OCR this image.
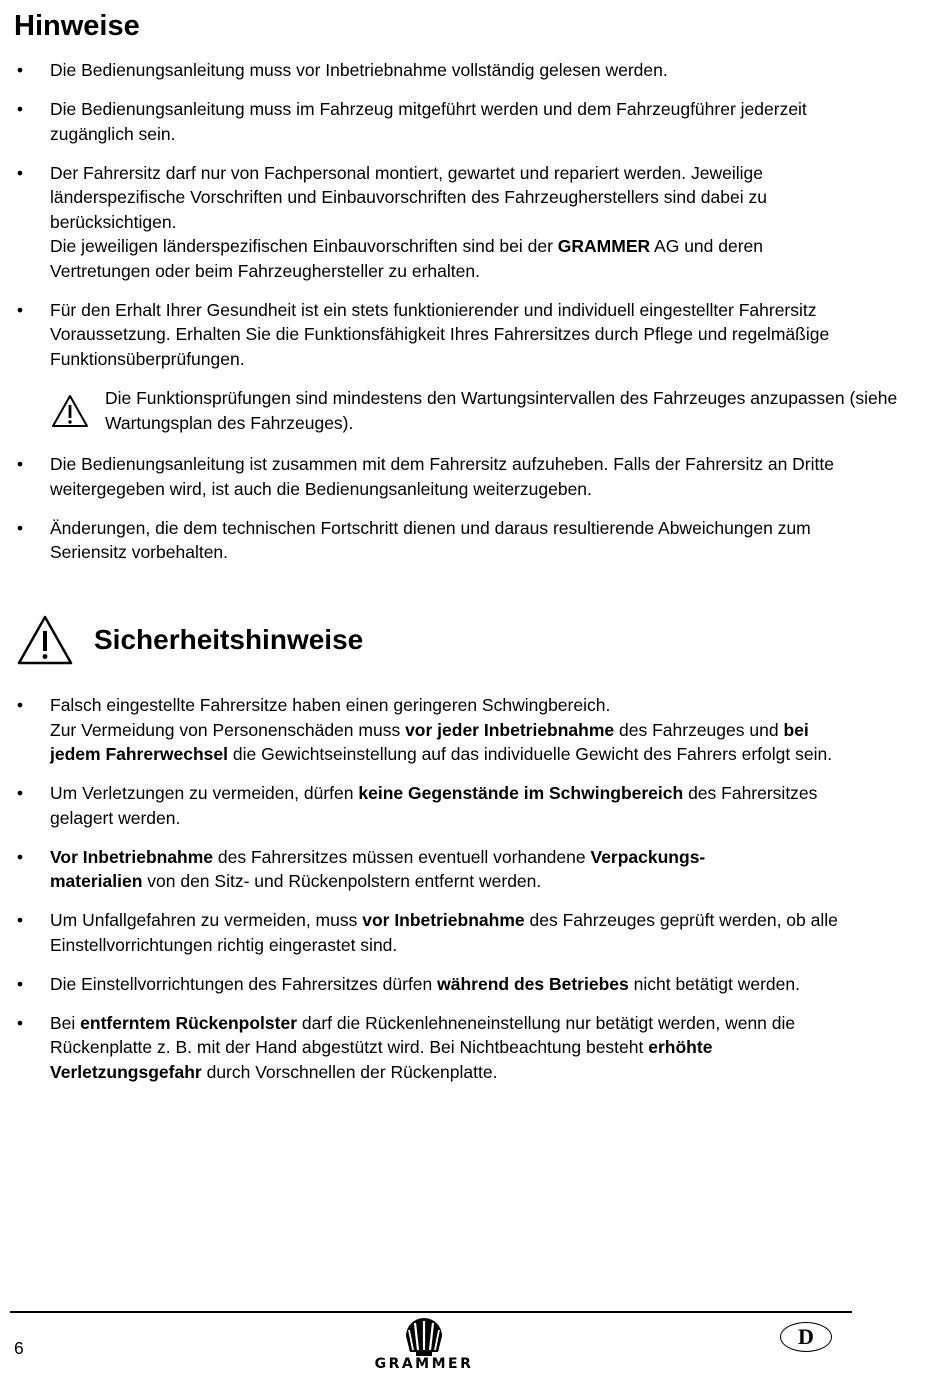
Hinweise
• Die Bedienungsanleitung muss vor Inbetriebnahme vollständig gelesen werden.
• Die Bedienungsanleitung muss im Fahrzeug mitgeführt werden und dem Fahrzeugführer jederzeit zugänglich sein.
• Der Fahrersitz darf nur von Fachpersonal montiert, gewartet und repariert werden. Jeweilige länderspezifische Vorschriften und Einbauvorschriften des Fahrzeugherstellers sind dabei zu berücksichtigen.
Die jeweiligen länderspezifischen Einbauvorschriften sind bei der GRAMMER AG und deren Vertretungen oder beim Fahrzeughersteller zu erhalten.
• Für den Erhalt Ihrer Gesundheit ist ein stets funktionierender und individuell eingestellter Fahrersitz Voraussetzung. Erhalten Sie die Funktionsfähigkeit Ihres Fahrersitzes durch Pflege und regelmäßige Funktionsüberprüfungen.
Die Funktionsprüfungen sind mindestens den Wartungsintervallen des Fahrzeuges anzupassen (siehe Wartungsplan des Fahrzeuges).
• Die Bedienungsanleitung ist zusammen mit dem Fahrersitz aufzuheben. Falls der Fahrersitz an Dritte weitergegeben wird, ist auch die Bedienungsanleitung weiterzugeben.
• Änderungen, die dem technischen Fortschritt dienen und daraus resultierende Abweichungen zum Seriensitz vorbehalten.
Sicherheitshinweise
• Falsch eingestellte Fahrersitze haben einen geringeren Schwingbereich.
Zur Vermeidung von Personenschäden muss vor jeder Inbetriebnahme des Fahrzeuges und bei jedem Fahrerwechsel die Gewichtseinstellung auf das individuelle Gewicht des Fahrers erfolgt sein.
• Um Verletzungen zu vermeiden, dürfen keine Gegenstände im Schwingbereich des Fahrersitzes gelagert werden.
• Vor Inbetriebnahme des Fahrersitzes müssen eventuell vorhandene Verpackungs-
materialien von den Sitz- und Rückenpolstern entfernt werden.
• Um Unfallgefahren zu vermeiden, muss vor Inbetriebnahme des Fahrzeuges geprüft werden, ob alle Einstellvorrichtungen richtig eingerastet sind.
• Die Einstellvorrichtungen des Fahrersitzes dürfen während des Betriebes nicht betätigt werden.
• Bei entferntem Rückenpolster darf die Rückenlehneneinstellung nur betätigt werden, wenn die Rückenplatte z. B. mit der Hand abgestützt wird. Bei Nichtbeachtung besteht erhöhte Verletzungsgefahr durch Vorschnellen der Rückenplatte.
6
GRAMMER
D
